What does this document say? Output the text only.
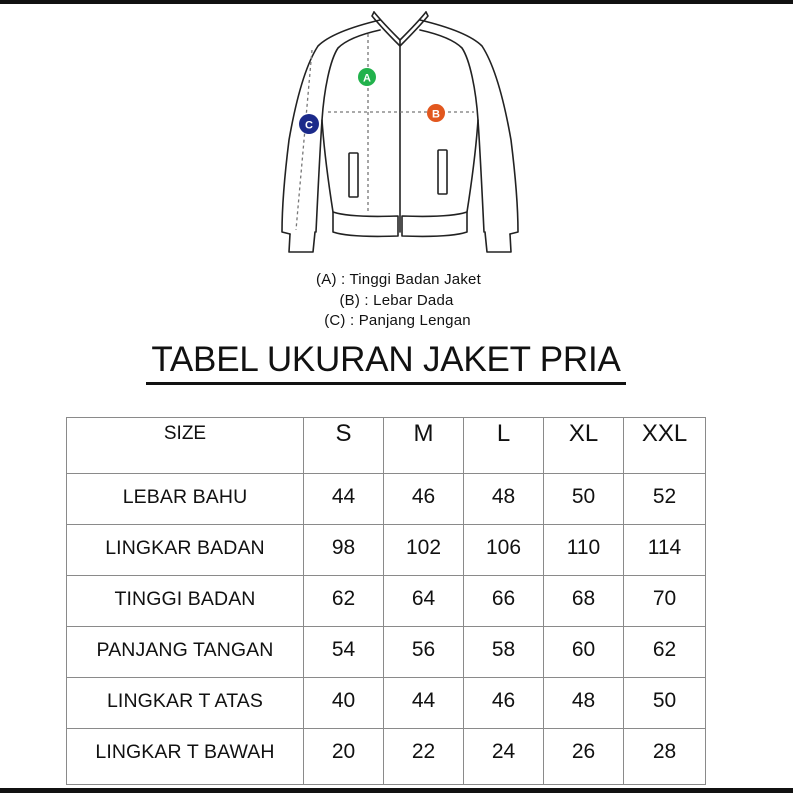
A
B
C
(A) : Tinggi Badan Jaket
(B) : Lebar Dada
(C) : Panjang Lengan
TABEL UKURAN JAKET PRIA
SIZE	S	M	L	XL	XXL
LEBAR BAHU	44	46	48	50	52
LINGKAR BADAN	98	102	106	110	114
TINGGI BADAN	62	64	66	68	70
PANJANG TANGAN	54	56	58	60	62
LINGKAR T ATAS	40	44	46	48	50
LINGKAR T BAWAH	20	22	24	26	28
